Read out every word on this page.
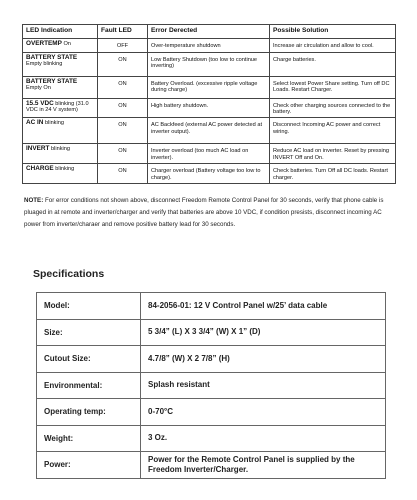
LED Indication	Fault LED	Error Derected	Possible Solution
OVERTEMP On	OFF	Over-temperature shutdown	Increase air circulation and allow to cool.

BATTERY STATE
Empty blinking	ON	Low Battery Shutdown (too low to continue inverting)	Charge batteries.

BATTERY STATE
Empty On	ON	Battery Overload. (excessive ripple voltage during charge)	Select lowest Power Share setting. Turn off DC Loads. Restart Charger.
15.5 VDC blinking (31.0 VDC in 24 V system)	ON	High battery shutdown.	Check other charging sources connected to the battery.
AC IN blinking	ON	AC Backfeed (external AC power detected at inverter output).	Disconnect Incoming AC power and correct wiring.
INVERT blinking	ON	Inverter overload (too much AC load on inverter).	Reduce AC load on inverter. Reset by pressing INVERT Off and On.
CHARGE blinking	ON	Charger overload (Battery voltage too low to charge).	Check batteries. Turn Off all DC loads. Restart charger.

NOTE: For error conditions not shown above, disconnect Freedom Remote Control Panel for 30 seconds, verify that phone cable is pluaged in at remote and inverter/charger and verify that batteries are above 10 VDC, if condition presists, disconnect incoming AC power from inverter/charaer and remove positive battery lead for 30 seconds.

Specifications
Model:	84-2056-01: 12 V Control Panel w/25’ data cable
Size:	5 3/4” (L) X 3 3/4” (W) X 1” (D)
Cutout Size:	4.7/8” (W) X 2 7/8” (H)
Environmental:	Splash resistant
Operating temp:	0-70°C
Weight:	3 Oz.
Power:	Power for the Remote Control Panel is supplied by the Freedom Inverter/Charger.
